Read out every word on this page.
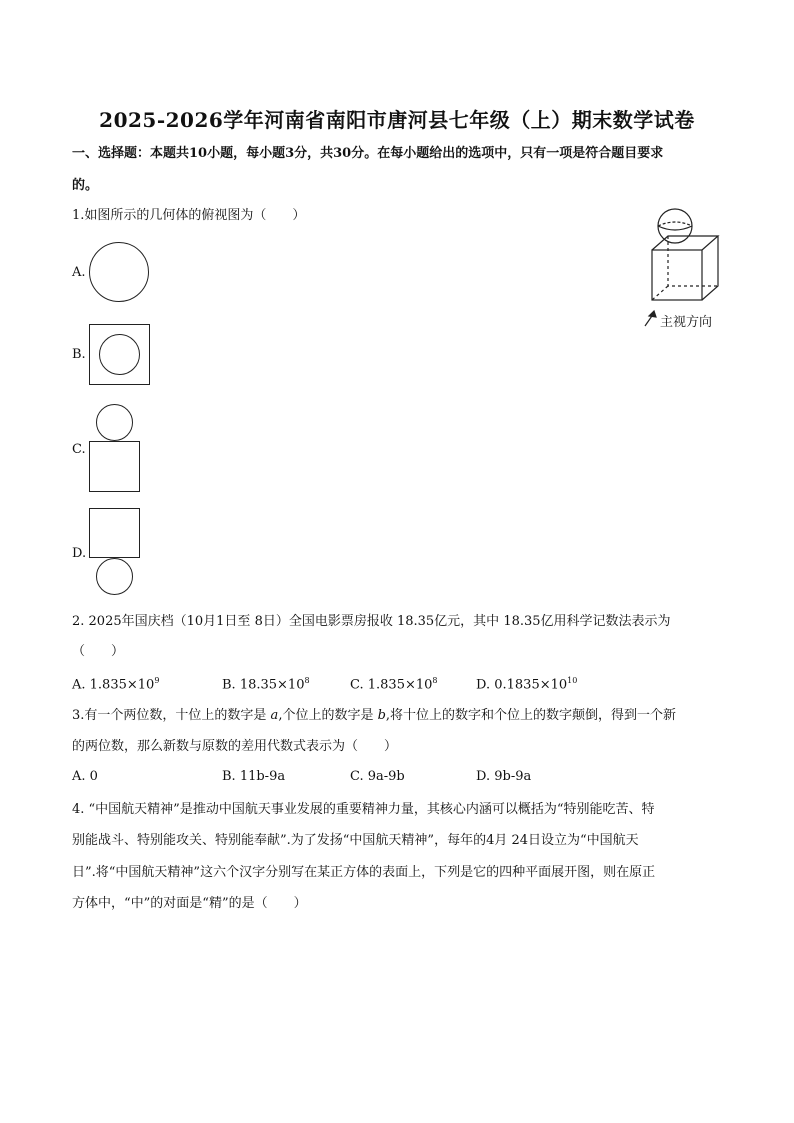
2025-2026学年河南省南阳市唐河县七年级（上）期末数学试卷
一、选择题：本题共10小题，每小题3分，共30分。在每小题给出的选项中，只有一项是符合题目要求
的。
1.如图所示的几何体的俯视图为（　　）
A.
B.
C.
D.
主视方向
2. 2025年国庆档（10月1日至 8日）全国电影票房报收 18.35亿元，其中 18.35亿用科学记数法表示为
（　　）
A. $1.835\times 10^9$	B. $18.35\times 10^8$	C. $1.835\times 10^8$	D. $0.1835\times 10^{10}$
3.有一个两位数，十位上的数字是 a,个位上的数字是 b,将十位上的数字和个位上的数字颠倒，得到一个新
的两位数，那么新数与原数的差用代数式表示为（　　）
A. 0	B. 11b-9a	C. 9a-9b	D. 9b-9a
4. “中国航天精神”是推动中国航天事业发展的重要精神力量，其核心内涵可以概括为“特别能吃苦、特
别能战斗、特别能攻关、特别能奉献”.为了发扬“中国航天精神”，每年的4月 24日设立为“中国航天
日”.将“中国航天精神”这六个汉字分别写在某正方体的表面上，下列是它的四种平面展开图，则在原正
方体中，“中”的对面是“精”的是（　　）
